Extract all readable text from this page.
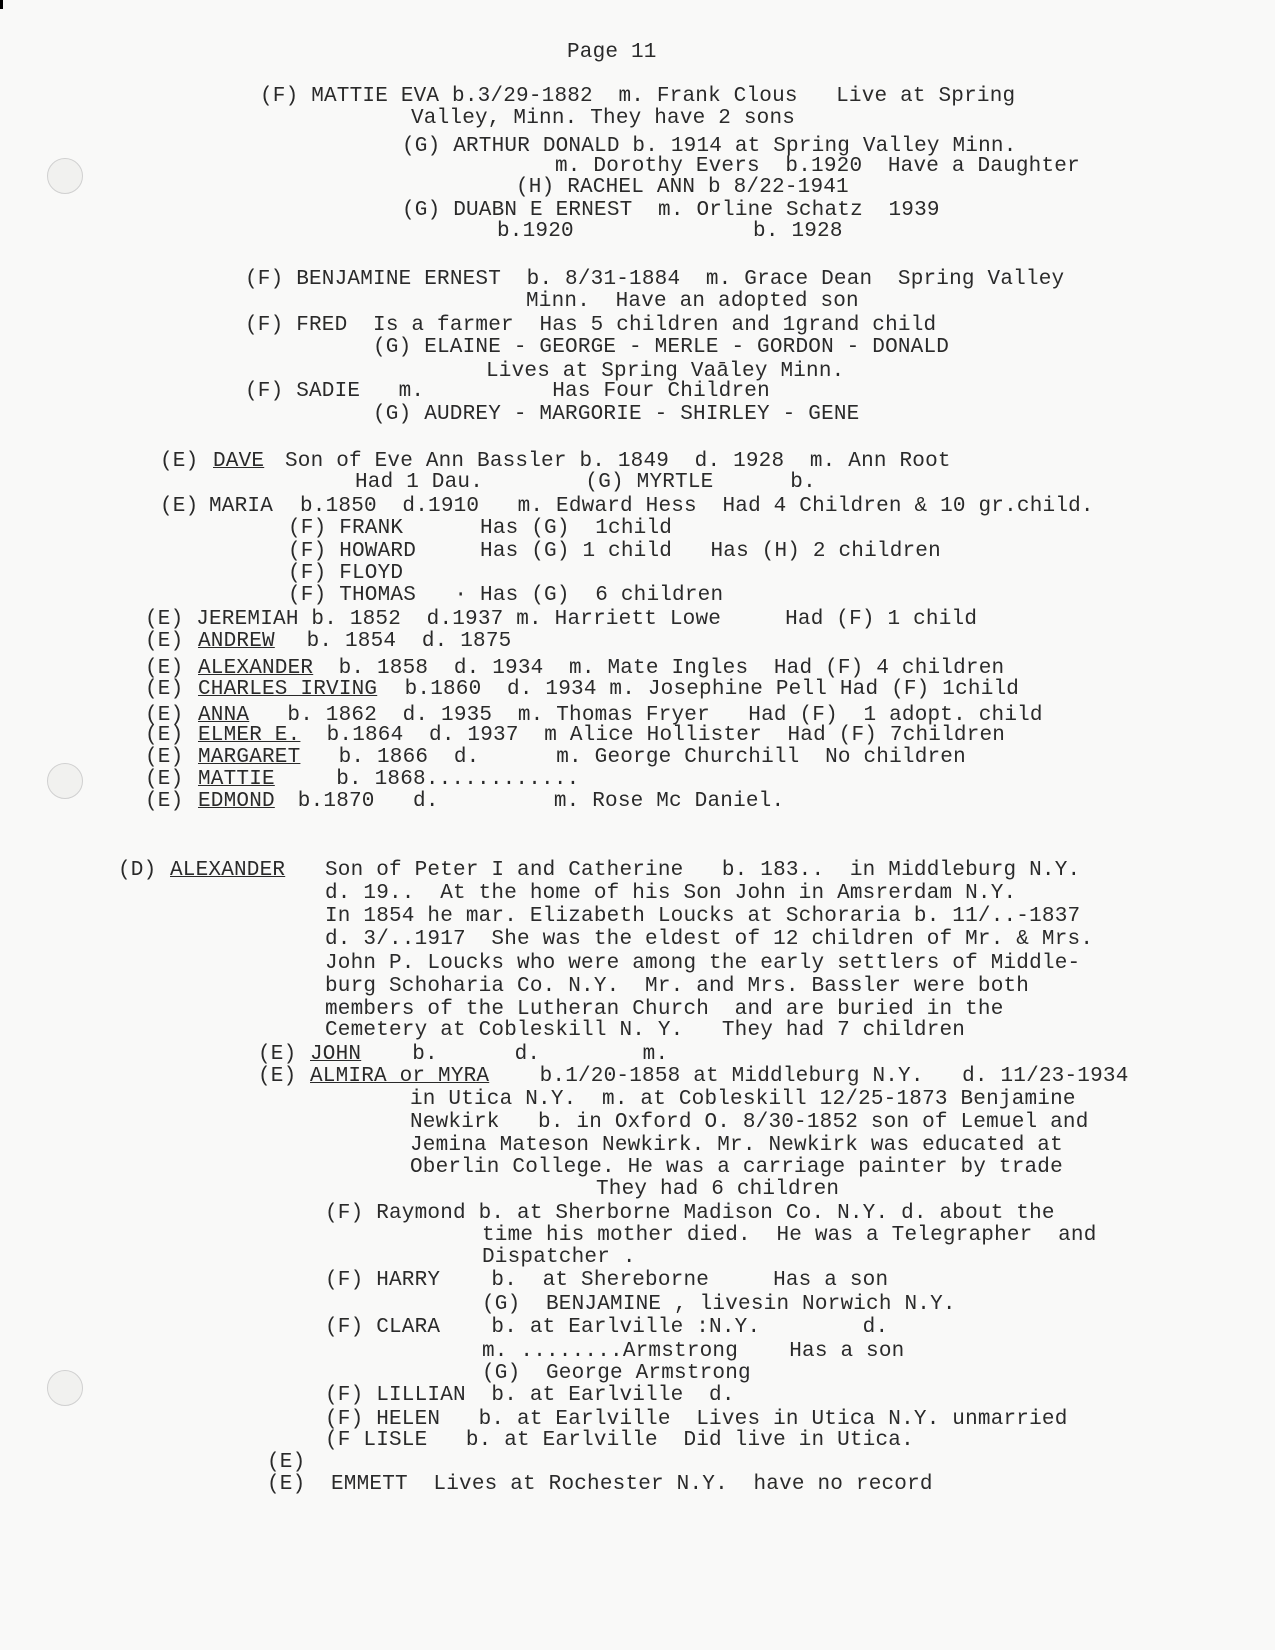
Page 11
(F) MATTIE EVA b.3/29-1882  m. Frank Clous   Live at Spring
Valley, Minn. They have 2 sons
(G) ARTHUR DONALD b. 1914 at Spring Valley Minn.
m. Dorothy Evers  b.1920  Have a Daughter
(H) RACHEL ANN b 8/22-1941
(G) DUABN E ERNEST  m. Orline Schatz  1939
b.1920              b. 1928
(F) BENJAMINE ERNEST  b. 8/31-1884  m. Grace Dean  Spring Valley
Minn.  Have an adopted son
(F) FRED  Is a farmer  Has 5 children and 1grand child
(G) ELAINE - GEORGE - MERLE - GORDON - DONALD
Lives at Spring Vaāley Minn.
(F) SADIE   m.          Has Four Children
(G) AUDREY - MARGORIE - SHIRLEY - GENE
(E) DAVE Son of Eve Ann Bassler b. 1849  d. 1928  m. Ann Root
Had 1 Dau.        (G) MYRTLE      b.
(E) MARIA b.1850  d.1910   m. Edward Hess  Had 4 Children & 10 gr.child.
(F) FRANK      Has (G)  1child
(F) HOWARD     Has (G) 1 child   Has (H) 2 children
(F) FLOYD
(F) THOMAS   · Has (G)  6 children
(E) JEREMIAH b. 1852  d.1937 m. Harriett Lowe     Had (F) 1 child
(E) ANDREW b. 1854  d. 1875
(E) ALEXANDER b. 1858  d. 1934  m. Mate Ingles  Had (F) 4 children
(E) CHARLES IRVING b.1860  d. 1934 m. Josephine Pell Had (F) 1child
(E) ANNA b. 1862  d. 1935  m. Thomas Fryer   Had (F)  1 adopt. child
(E) ELMER E. b.1864  d. 1937  m Alice Hollister  Had (F) 7children
(E) MARGARET b. 1866  d.      m. George Churchill  No children
(E) MATTIE b. 1868............
(E) EDMOND b.1870   d.         m. Rose Mc Daniel.
(D) ALEXANDER Son of Peter I and Catherine   b. 183..  in Middleburg N.Y.
d. 19..  At the home of his Son John in Amsrerdam N.Y.
In 1854 he mar. Elizabeth Loucks at Schoraria b. 11/..-1837
d. 3/..1917  She was the eldest of 12 children of Mr. & Mrs.
John P. Loucks who were among the early settlers of Middle-
burg Schoharia Co. N.Y.  Mr. and Mrs. Bassler were both
members of the Lutheran Church  and are buried in the
Cemetery at Cobleskill N. Y.   They had 7 children
(E) JOHN b.      d.        m.
(E) ALMIRA or MYRA b.1/20-1858 at Middleburg N.Y.   d. 11/23-1934
in Utica N.Y.  m. at Cobleskill 12/25-1873 Benjamine
Newkirk   b. in Oxford O. 8/30-1852 son of Lemuel and
Jemina Mateson Newkirk. Mr. Newkirk was educated at
Oberlin College. He was a carriage painter by trade
They had 6 children
(F) Raymond b. at Sherborne Madison Co. N.Y. d. about the
time his mother died.  He was a Telegrapher  and
Dispatcher .
(F) HARRY    b.  at Shereborne     Has a son
(G)  BENJAMINE , livesin Norwich N.Y.
(F) CLARA    b. at Earlville :N.Y.        d.
m. ........Armstrong    Has a son
(G)  George Armstrong
(F) LILLIAN  b. at Earlville  d.
(F) HELEN   b. at Earlville  Lives in Utica N.Y. unmarried
(F LISLE   b. at Earlville  Did live in Utica.
(E)
(E)  EMMETT  Lives at Rochester N.Y.  have no record
